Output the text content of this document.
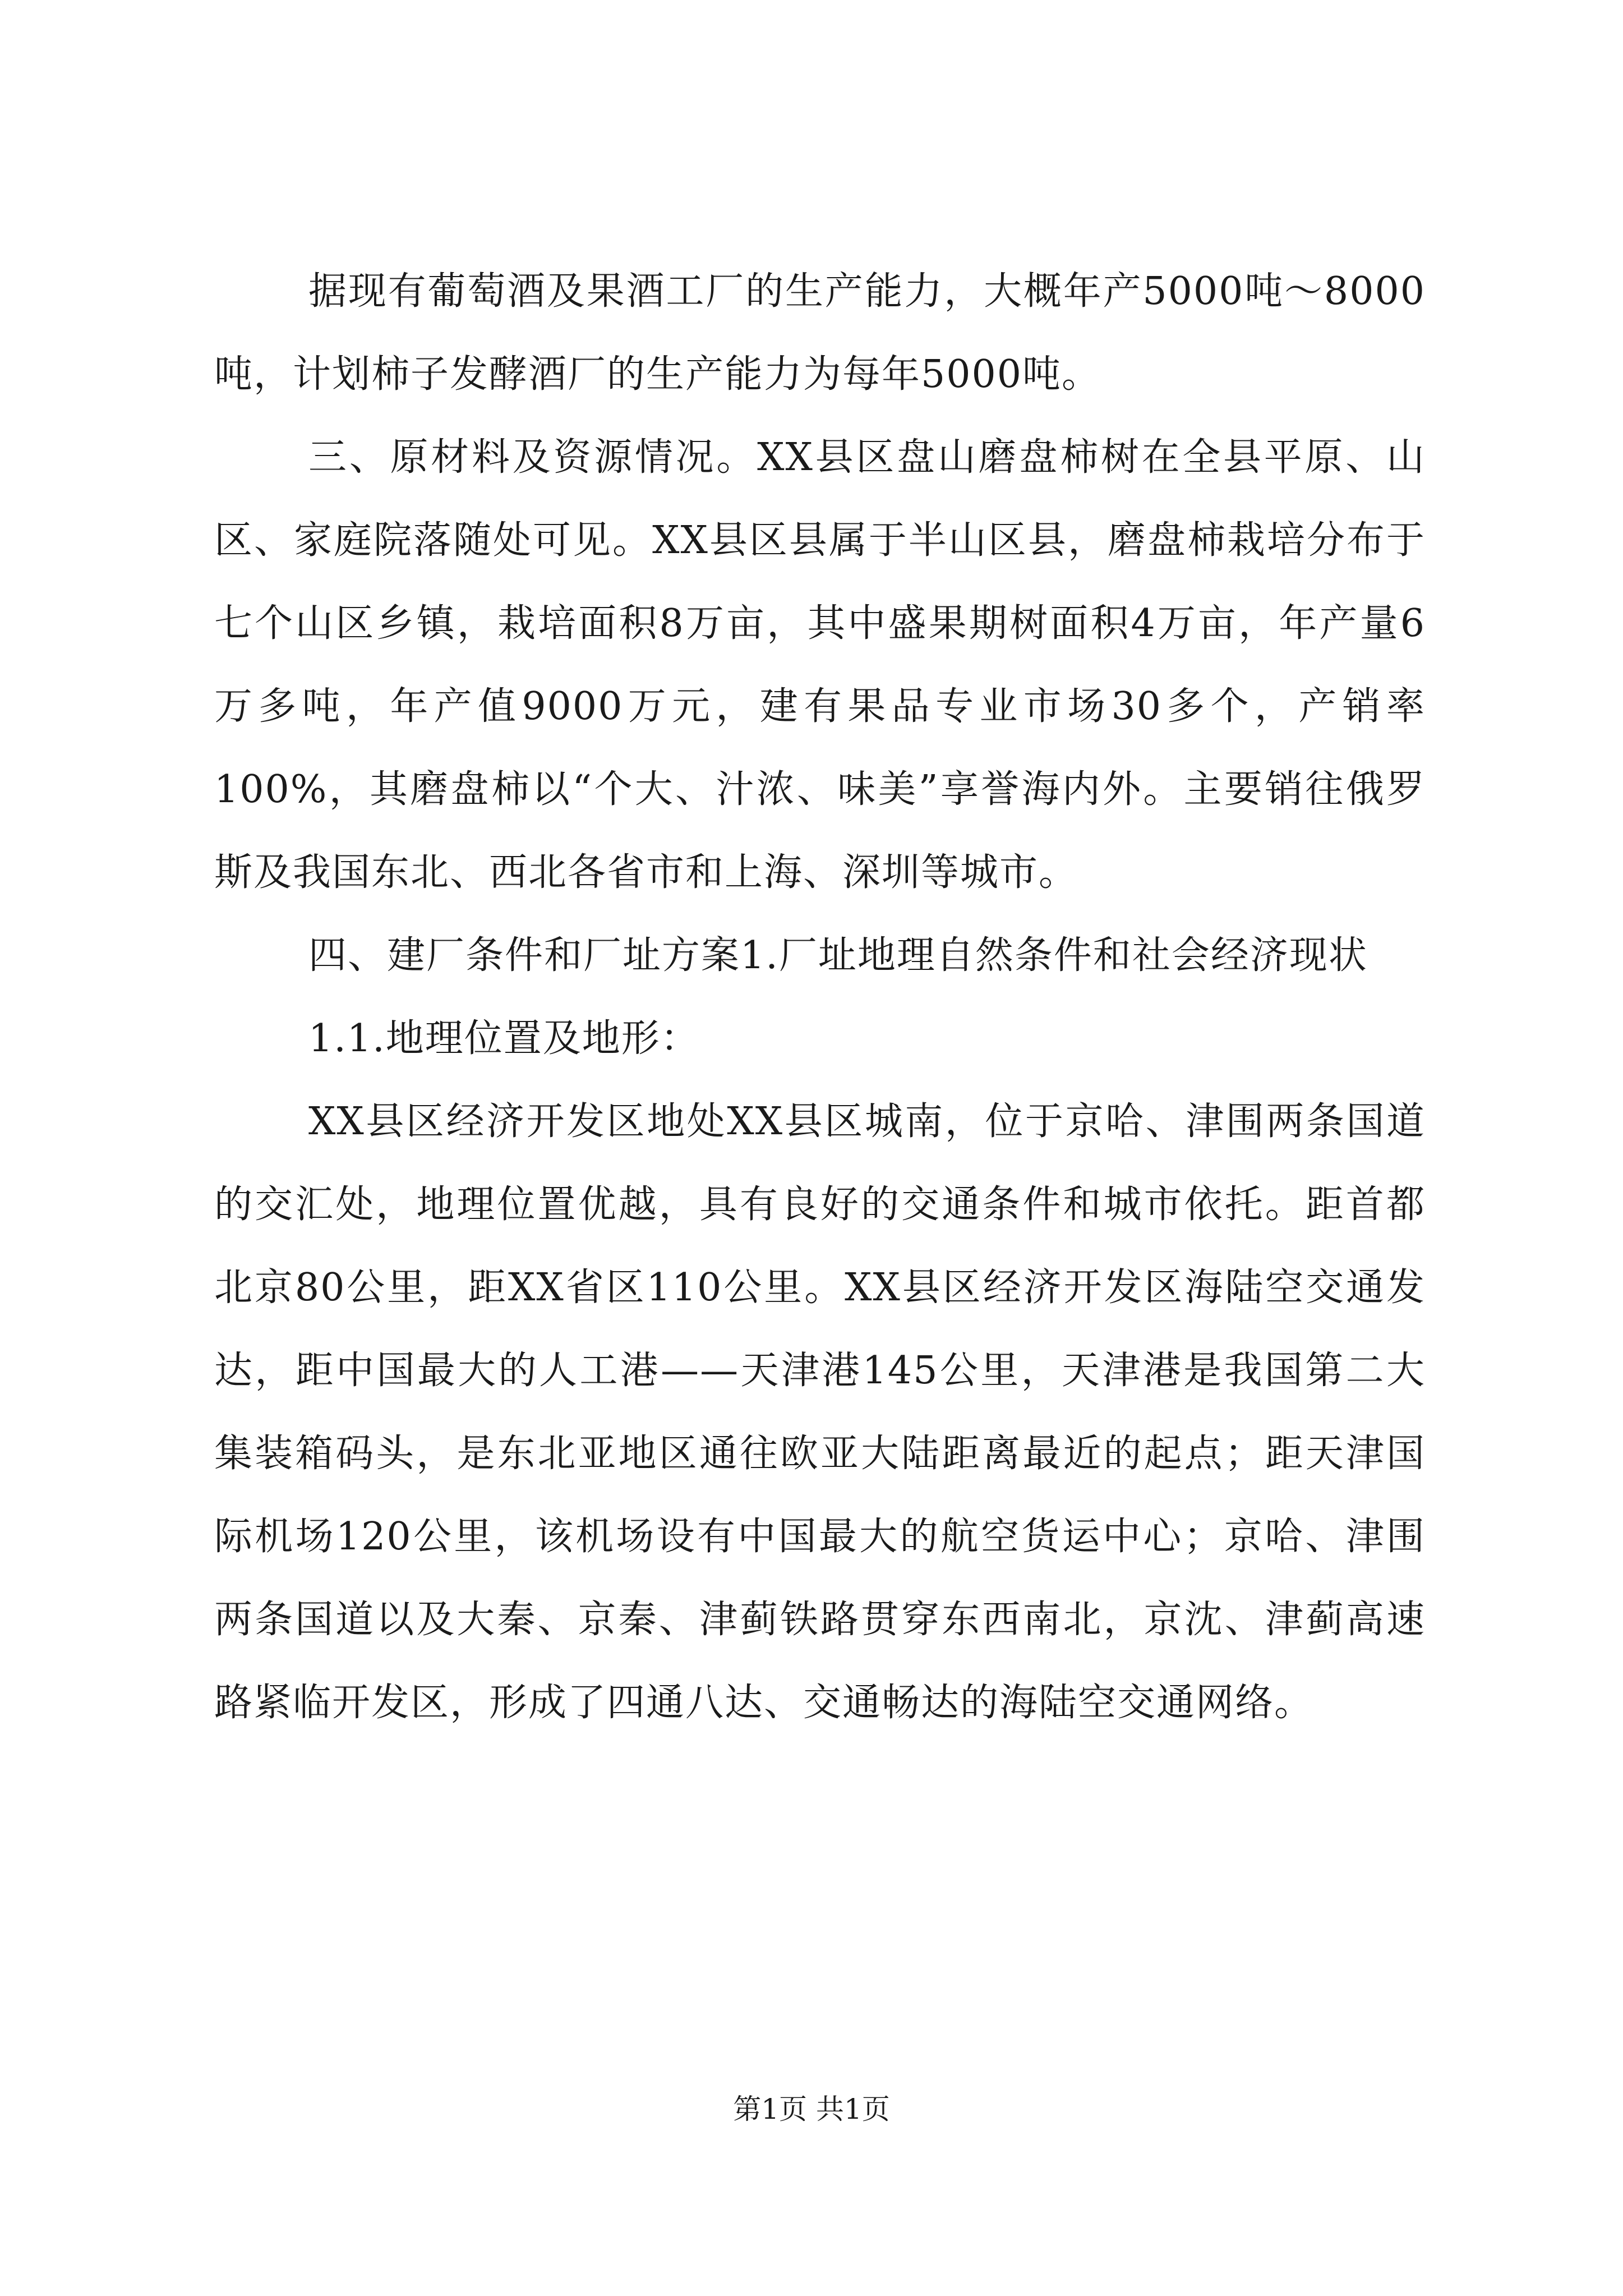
据现有葡萄酒及果酒工厂的生产能力，大概年产5000吨～8000吨，计划柿子发酵酒厂的生产能力为每年5000吨。

三、原材料及资源情况。XX县区盘山磨盘柿树在全县平原、山区、家庭院落随处可见。XX县区县属于半山区县，磨盘柿栽培分布于七个山区乡镇，栽培面积8万亩，其中盛果期树面积4万亩，年产量6万多吨，年产值9000万元，建有果品专业市场30多个，产销率100%，其磨盘柿以“个大、汁浓、味美”享誉海内外。主要销往俄罗斯及我国东北、西北各省市和上海、深圳等城市。

四、建厂条件和厂址方案1.厂址地理自然条件和社会经济现状

1.1.地理位置及地形：

XX县区经济开发区地处XX县区城南，位于京哈、津围两条国道的交汇处，地理位置优越，具有良好的交通条件和城市依托。距首都北京80公里，距XX省区110公里。XX县区经济开发区海陆空交通发达，距中国最大的人工港——天津港145公里，天津港是我国第二大集装箱码头，是东北亚地区通往欧亚大陆距离最近的起点；距天津国际机场120公里，该机场设有中国最大的航空货运中心；京哈、津围两条国道以及大秦、京秦、津蓟铁路贯穿东西南北，京沈、津蓟高速路紧临开发区，形成了四通八达、交通畅达的海陆空交通网络。

第1页 共1页
